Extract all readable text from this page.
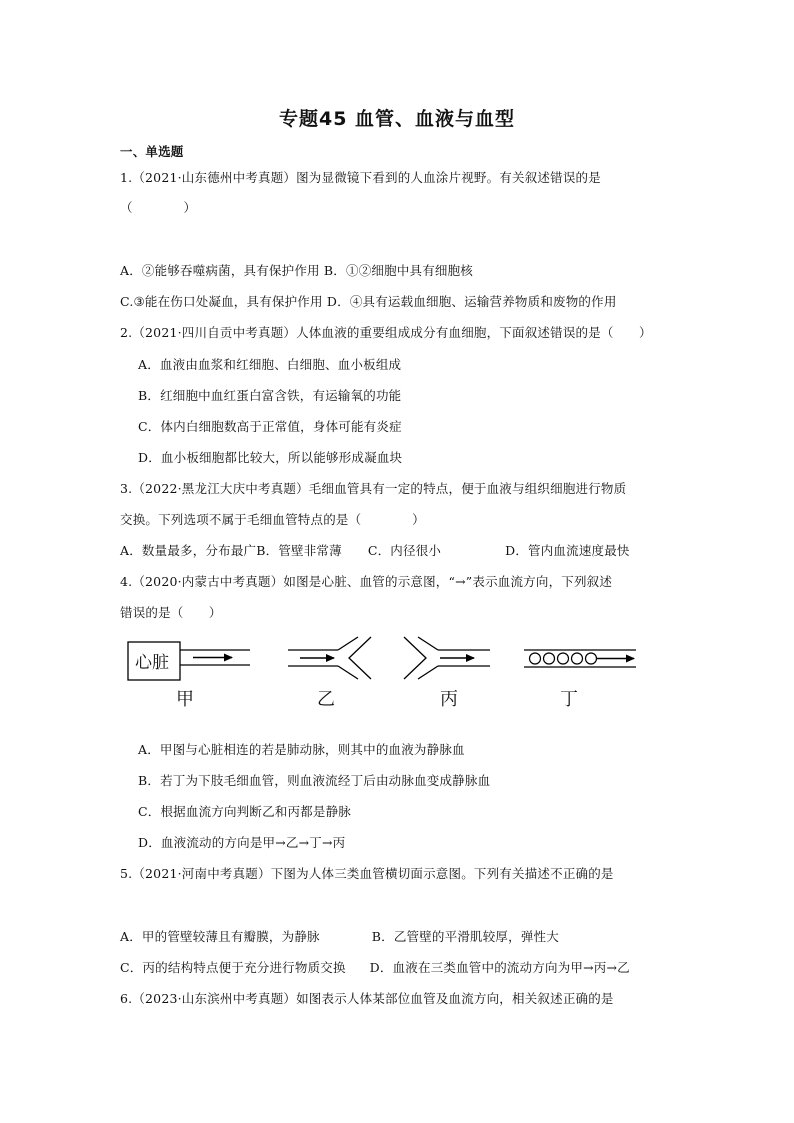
专题45 血管、血液与血型
一、单选题
1.（2021·山东德州中考真题）图为显微镜下看到的人血涂片视野。有关叙述错误的是
（　　　　）
A．②能够吞噬病菌，具有保护作用 B．①②细胞中具有细胞核
C.③能在伤口处凝血，具有保护作用 D．④具有运载血细胞、运输营养物质和废物的作用
2.（2021·四川自贡中考真题）人体血液的重要组成成分有血细胞，下面叙述错误的是（　　）
A．血液由血浆和红细胞、白细胞、血小板组成
B．红细胞中血红蛋白富含铁，有运输氧的功能
C．体内白细胞数高于正常值，身体可能有炎症
D．血小板细胞都比较大，所以能够形成凝血块
3.（2022·黑龙江大庆中考真题）毛细血管具有一定的特点，便于血液与组织细胞进行物质
交换。下列选项不属于毛细血管特点的是（　　　　）
A．数量最多，分布最广B．管壁非常薄 C．内径很小	D．管内血流速度最快
4.（2020·内蒙古中考真题）如图是心脏、血管的示意图，“→”表示血流方向，下列叙述
错误的是（　　）
心脏
甲	乙	丙	丁
A．甲图与心脏相连的若是肺动脉，则其中的血液为静脉血
B．若丁为下肢毛细血管，则血液流经丁后由动脉血变成静脉血
C．根据血流方向判断乙和丙都是静脉
D．血液流动的方向是甲→乙→丁→丙
5.（2021·河南中考真题）下图为人体三类血管横切面示意图。下列有关描述不正确的是
A．甲的管壁较薄且有瓣膜，为静脉	B．乙管壁的平滑肌较厚，弹性大
C．丙的结构特点便于充分进行物质交换 D．血液在三类血管中的流动方向为甲→丙→乙
6.（2023·山东滨州中考真题）如图表示人体某部位血管及血流方向，相关叙述正确的是
